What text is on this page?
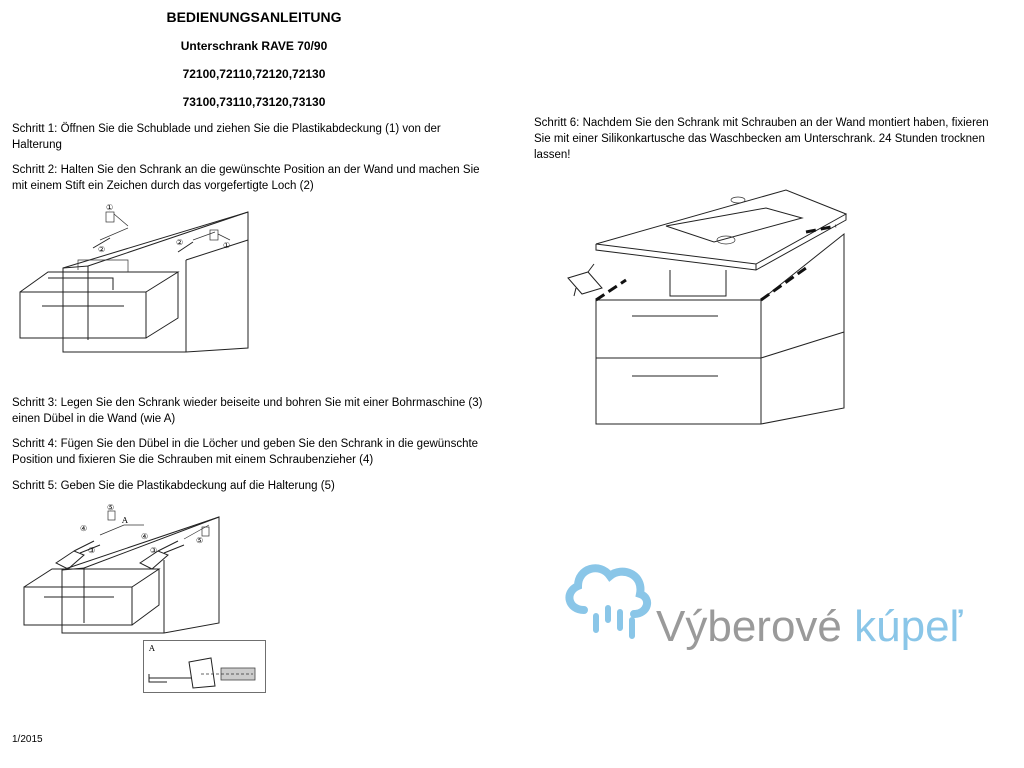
BEDIENUNGSANLEITUNG
Unterschrank RAVE 70/90
72100,72110,72120,72130
73100,73110,73120,73130
Schritt 1: Öffnen Sie die Schublade und ziehen Sie die Plastikabdeckung (1) von der Halterung
Schritt 2: Halten Sie den Schrank an die gewünschte Position an der Wand und machen Sie mit einem Stift ein Zeichen durch das vorgefertigte Loch (2)
Schritt 3: Legen Sie den Schrank wieder beiseite und bohren Sie mit einer Bohrmaschine (3) einen Dübel in die Wand (wie A)
Schritt 4: Fügen Sie den Dübel in die Löcher und geben Sie den Schrank in die gewünschte Position und fixieren Sie die Schrauben mit einem Schraubenzieher (4)
Schritt 5: Geben Sie die Plastikabdeckung auf die Halterung (5)
Schritt 6: Nachdem Sie den Schrank mit Schrauben an der Wand montiert haben, fixieren Sie mit einer Silikonkartusche das Waschbecken am Unterschrank. 24 Stunden trocknen lassen!
①
②
②	①
⑤
④
③
④
③
⑤
A
A	Výberové kúpeľ
1/2015
